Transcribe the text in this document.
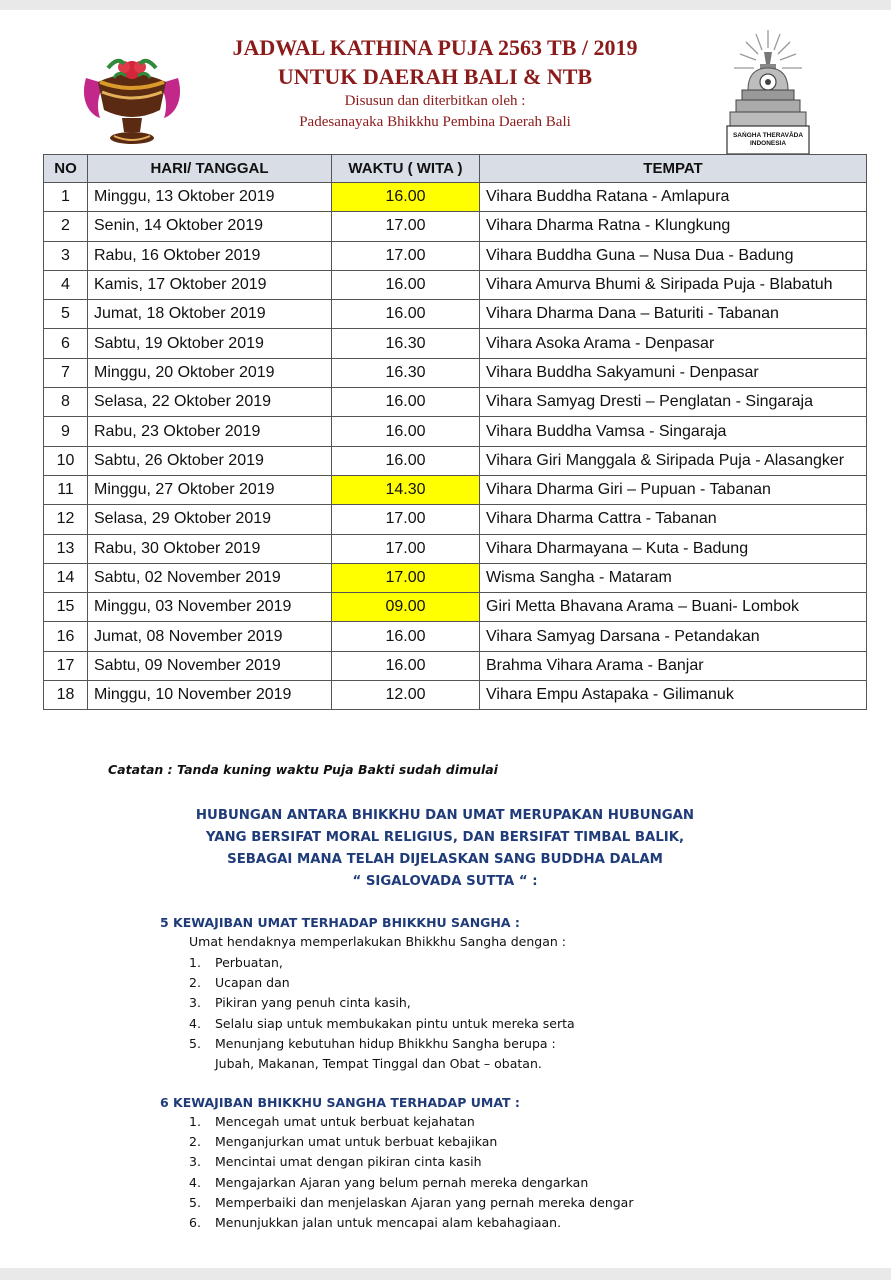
SAṄGHA THERAVĀDA
INDONESIA
JADWAL KATHINA PUJA 2563 TB / 2019
UNTUK DAERAH BALI & NTB
Disusun dan diterbitkan oleh :
Padesanayaka Bhikkhu Pembina Daerah Bali
NO	HARI/ TANGGAL	WAKTU ( WITA )	TEMPAT
1	Minggu, 13 Oktober 2019	16.00	Vihara Buddha Ratana - Amlapura
2	Senin, 14 Oktober 2019	17.00	Vihara Dharma Ratna - Klungkung
3	Rabu, 16 Oktober 2019	17.00	Vihara Buddha Guna – Nusa Dua - Badung
4	Kamis, 17 Oktober 2019	16.00	Vihara Amurva Bhumi & Siripada Puja - Blabatuh
5	Jumat, 18 Oktober 2019	16.00	Vihara Dharma Dana – Baturiti - Tabanan
6	Sabtu, 19 Oktober 2019	16.30	Vihara Asoka Arama - Denpasar
7	Minggu, 20 Oktober 2019	16.30	Vihara Buddha Sakyamuni - Denpasar
8	Selasa, 22 Oktober 2019	16.00	Vihara Samyag Dresti – Penglatan - Singaraja
9	Rabu, 23 Oktober 2019	16.00	Vihara Buddha Vamsa - Singaraja
10	Sabtu, 26 Oktober 2019	16.00	Vihara Giri Manggala & Siripada Puja - Alasangker
11	Minggu, 27 Oktober 2019	14.30	Vihara Dharma Giri – Pupuan - Tabanan
12	Selasa, 29 Oktober 2019	17.00	Vihara Dharma Cattra - Tabanan
13	Rabu, 30 Oktober 2019	17.00	Vihara Dharmayana – Kuta - Badung
14	Sabtu, 02 November 2019	17.00	Wisma Sangha - Mataram
15	Minggu, 03 November 2019	09.00	Giri Metta Bhavana Arama – Buani- Lombok
16	Jumat, 08 November 2019	16.00	Vihara Samyag Darsana - Petandakan
17	Sabtu, 09 November 2019	16.00	Brahma Vihara Arama - Banjar
18	Minggu, 10 November 2019	12.00	Vihara Empu Astapaka - Gilimanuk
Catatan : Tanda kuning waktu Puja Bakti sudah dimulai
HUBUNGAN ANTARA BHIKKHU DAN UMAT MERUPAKAN HUBUNGAN
YANG BERSIFAT MORAL RELIGIUS, DAN BERSIFAT TIMBAL BALIK,
SEBAGAI MANA TELAH DIJELASKAN SANG BUDDHA DALAM
“ SIGALOVADA SUTTA “ :
5 KEWAJIBAN UMAT TERHADAP BHIKKHU SANGHA :
Umat hendaknya memperlakukan Bhikkhu Sangha dengan :
1. Perbuatan,
2. Ucapan dan
3. Pikiran yang penuh cinta kasih,
4. Selalu siap untuk membukakan pintu untuk mereka serta
5. Menunjang kebutuhan hidup Bhikkhu Sangha berupa :
Jubah, Makanan, Tempat Tinggal dan Obat – obatan.
6 KEWAJIBAN BHIKKHU SANGHA TERHADAP UMAT :
1. Mencegah umat untuk berbuat kejahatan
2. Menganjurkan umat untuk berbuat kebajikan
3. Mencintai umat dengan pikiran cinta kasih
4. Mengajarkan Ajaran yang belum pernah mereka dengarkan
5. Memperbaiki dan menjelaskan Ajaran yang pernah mereka dengar
6. Menunjukkan jalan untuk mencapai alam kebahagiaan.
